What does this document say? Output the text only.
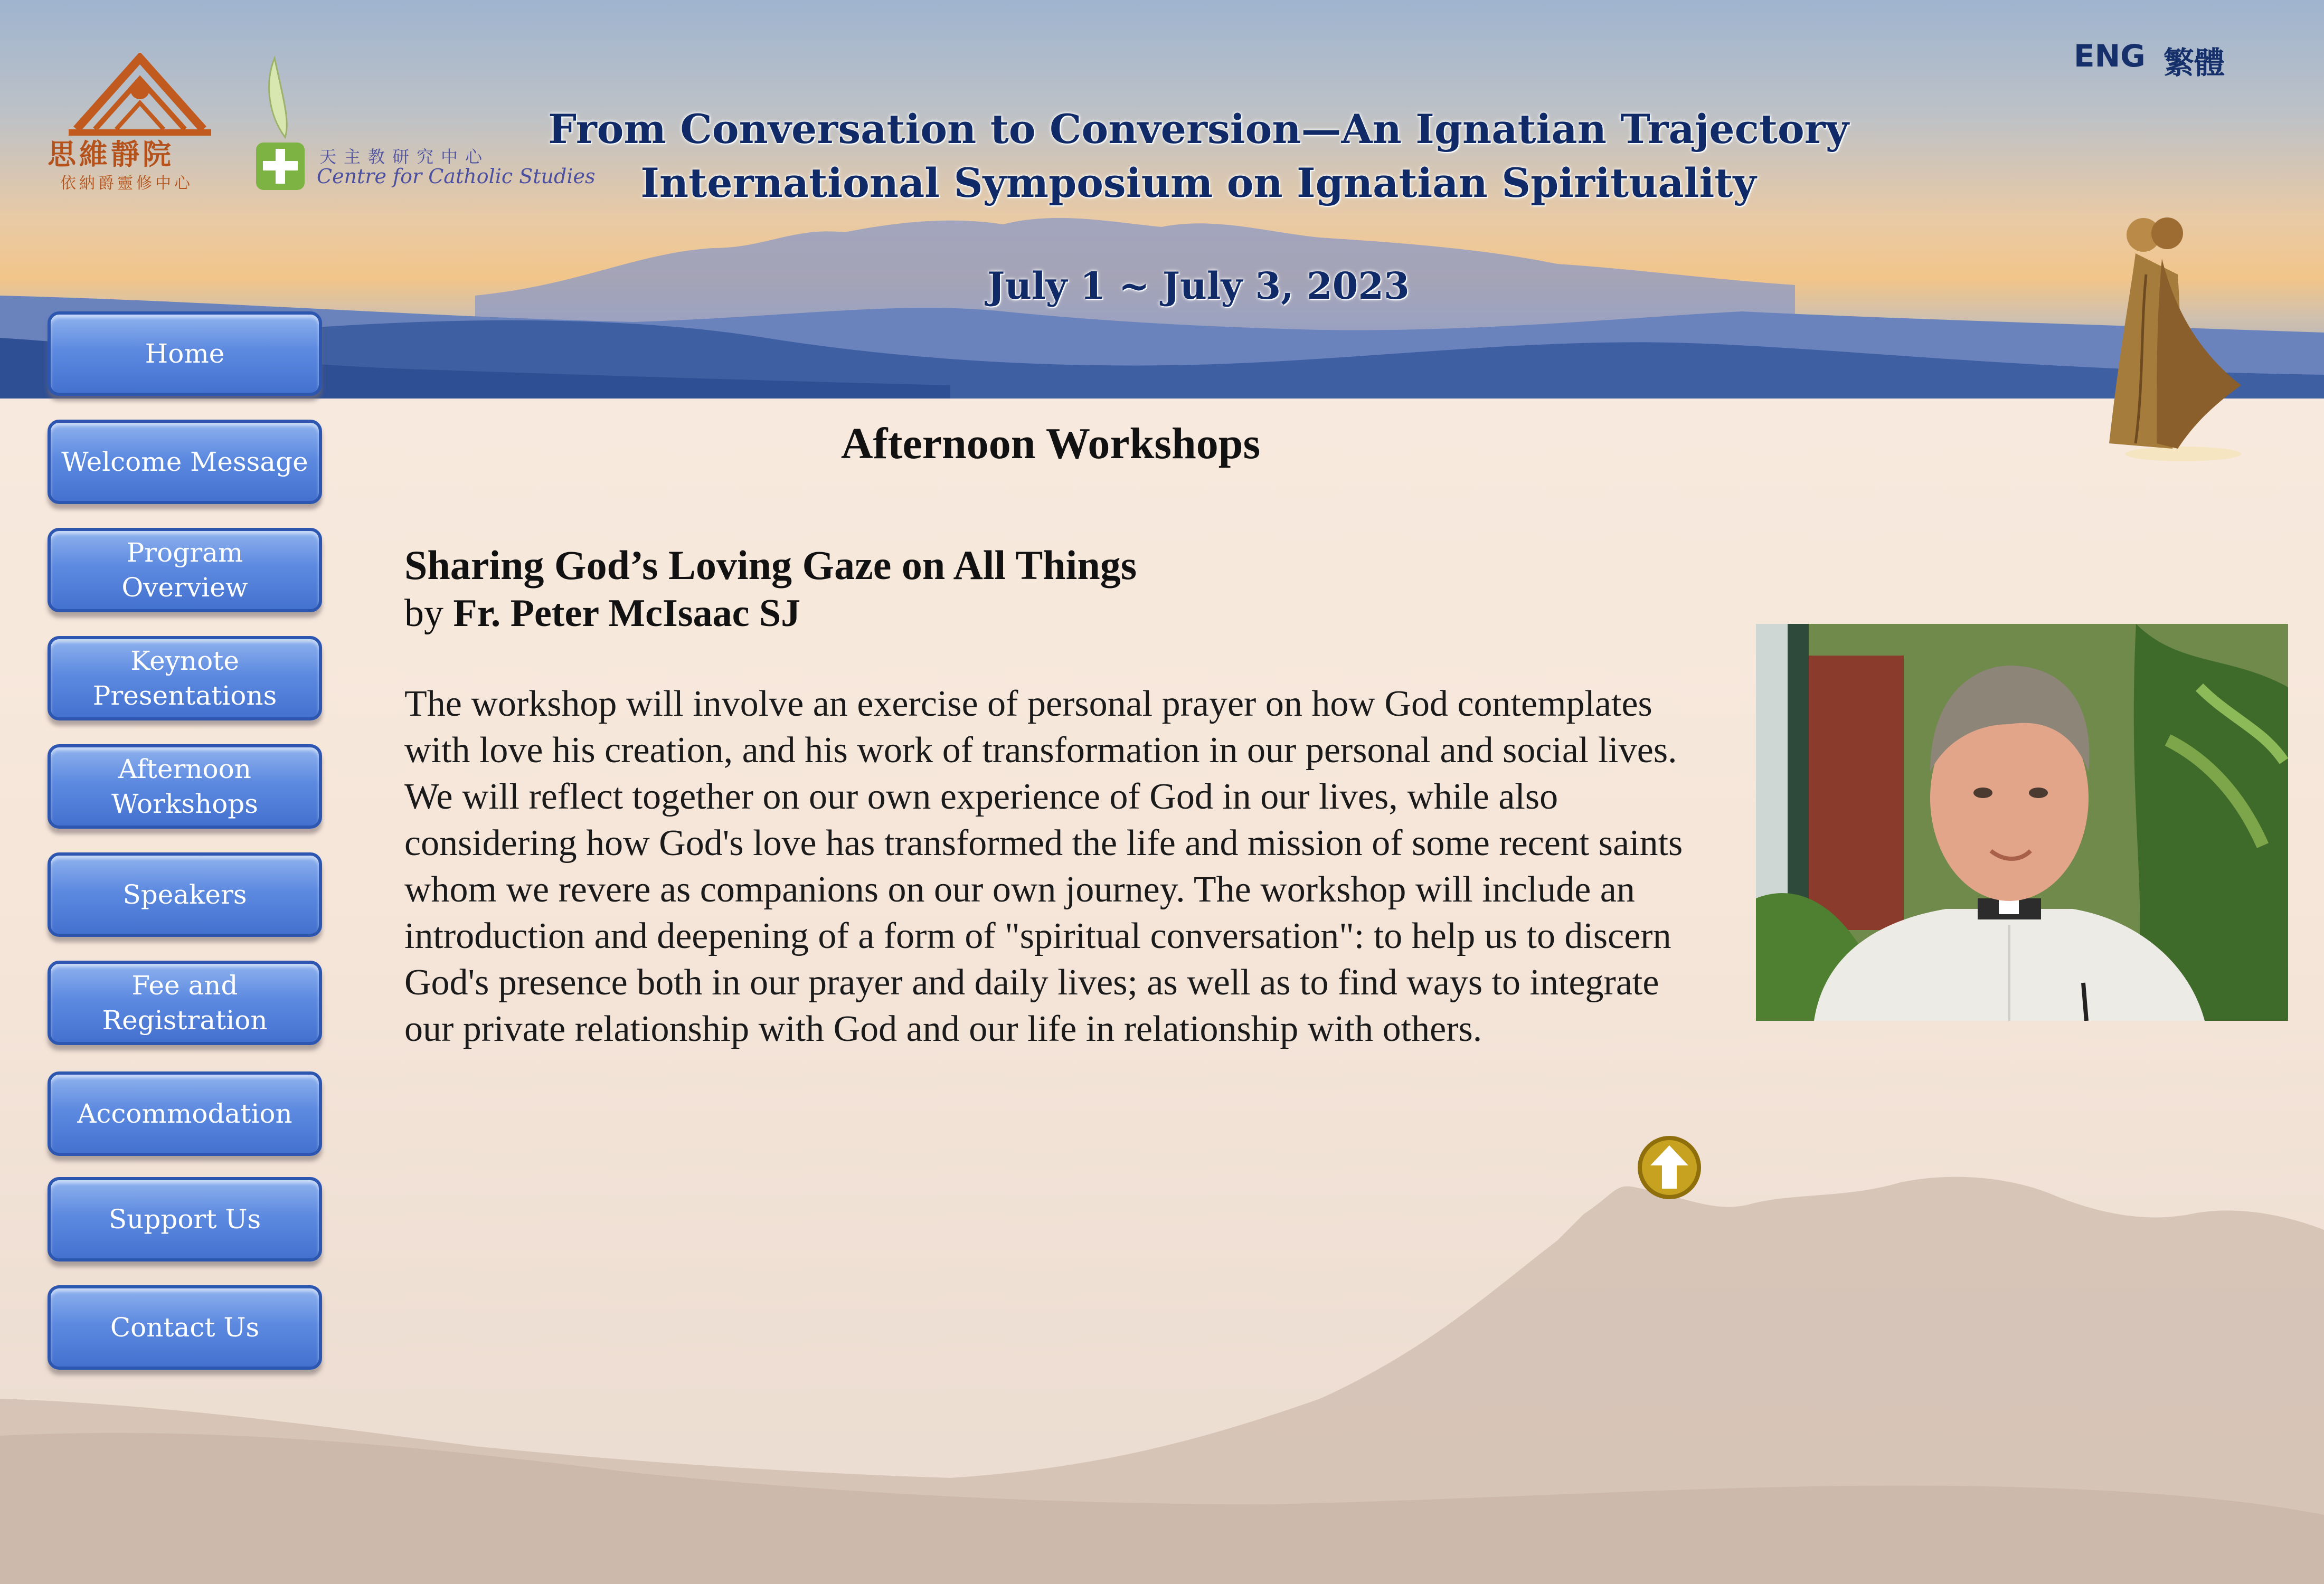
思維靜院
依納爵靈修中心
天主教研究中心
Centre for Catholic Studies
From Conversation to Conversion—An Ignatian Trajectory
International Symposium on Ignatian Spirituality
July 1 ~ July 3, 2023
ENG 繁體
Home
Welcome Message
Program Overview
Keynote Presentations
Afternoon Workshops
Speakers
Fee and Registration
Accommodation
Support Us
Contact Us
Afternoon Workshops
Sharing God’s Loving Gaze on All Things
by Fr. Peter McIsaac SJ
The workshop will involve an exercise of personal prayer on how God contemplates with love his creation, and his work of transformation in our personal and social lives. We will reflect together on our own experience of God in our lives, while also considering how God's love has transformed the life and mission of some recent saints whom we revere as companions on our own journey. The workshop will include an introduction and deepening of a form of "spiritual conversation": to help us to discern God's presence both in our prayer and daily lives; as well as to find ways to integrate our private relationship with God and our life in relationship with others.
